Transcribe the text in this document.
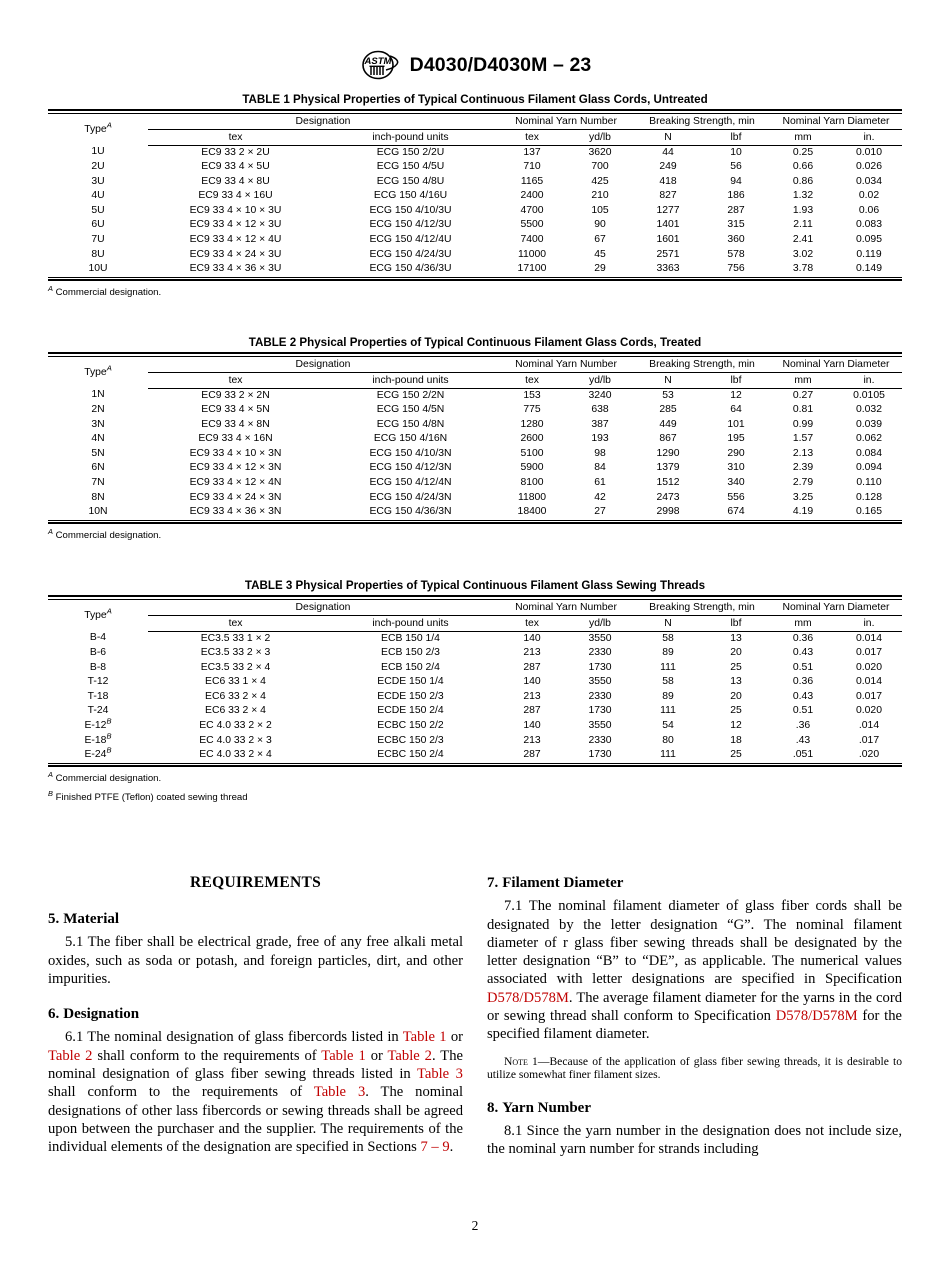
ASTM D4030/D4030M – 23
TABLE 1 Physical Properties of Typical Continuous Filament Glass Cords, Untreated

Type$^A$	Designation		Nominal Yarn Number		Breaking Strength, min		Nominal Yarn Diameter	
	tex	inch-pound units	tex	yd/lb	N	lbf	mm	in.
1U	EC9 33 2 × 2U	ECG 150 2/2U	137	3620	44	10	0.25	0.010
2U	EC9 33 4 × 5U	ECG 150 4/5U	710	700	249	56	0.66	0.026
3U	EC9 33 4 × 8U	ECG 150 4/8U	1165	425	418	94	0.86	0.034
4U	EC9 33 4 × 16U	ECG 150 4/16U	2400	210	827	186	1.32	0.02
5U	EC9 33 4 × 10 × 3U	ECG 150 4/10/3U	4700	105	1277	287	1.93	0.06
6U	EC9 33 4 × 12 × 3U	ECG 150 4/12/3U	5500	90	1401	315	2.11	0.083
7U	EC9 33 4 × 12 × 4U	ECG 150 4/12/4U	7400	67	1601	360	2.41	0.095
8U	EC9 33 4 × 24 × 3U	ECG 150 4/24/3U	11000	45	2571	578	3.02	0.119
10U	EC9 33 4 × 36 × 3U	ECG 150 4/36/3U	17100	29	3363	756	3.78	0.149

$^A$ Commercial designation.
TABLE 2 Physical Properties of Typical Continuous Filament Glass Cords, Treated

Type$^A$	Designation		Nominal Yarn Number		Breaking Strength, min		Nominal Yarn Diameter	
	tex	inch-pound units	tex	yd/lb	N	lbf	mm	in.
1N	EC9 33 2 × 2N	ECG 150 2/2N	153	3240	53	12	0.27	0.0105
2N	EC9 33 4 × 5N	ECG 150 4/5N	775	638	285	64	0.81	0.032
3N	EC9 33 4 × 8N	ECG 150 4/8N	1280	387	449	101	0.99	0.039
4N	EC9 33 4 × 16N	ECG 150 4/16N	2600	193	867	195	1.57	0.062
5N	EC9 33 4 × 10 × 3N	ECG 150 4/10/3N	5100	98	1290	290	2.13	0.084
6N	EC9 33 4 × 12 × 3N	ECG 150 4/12/3N	5900	84	1379	310	2.39	0.094
7N	EC9 33 4 × 12 × 4N	ECG 150 4/12/4N	8100	61	1512	340	2.79	0.110
8N	EC9 33 4 × 24 × 3N	ECG 150 4/24/3N	11800	42	2473	556	3.25	0.128
10N	EC9 33 4 × 36 × 3N	ECG 150 4/36/3N	18400	27	2998	674	4.19	0.165

$^A$ Commercial designation.
TABLE 3 Physical Properties of Typical Continuous Filament Glass Sewing Threads

Type$^A$	Designation		Nominal Yarn Number		Breaking Strength, min		Nominal Yarn Diameter	
	tex	inch-pound units	tex	yd/lb	N	lbf	mm	in.
B-4	EC3.5 33 1 × 2	ECB 150 1/4	140	3550	58	13	0.36	0.014
B-6	EC3.5 33 2 × 3	ECB 150 2/3	213	2330	89	20	0.43	0.017
B-8	EC3.5 33 2 × 4	ECB 150 2/4	287	1730	111	25	0.51	0.020
T-12	EC6 33 1 × 4	ECDE 150 1/4	140	3550	58	13	0.36	0.014
T-18	EC6 33 2 × 4	ECDE 150 2/3	213	2330	89	20	0.43	0.017
T-24	EC6 33 2 × 4	ECDE 150 2/4	287	1730	111	25	0.51	0.020
E-12$^B$	EC 4.0 33 2 × 2	ECBC 150 2/2	140	3550	54	12	.36	.014
E-18$^B$	EC 4.0 33 2 × 3	ECBC 150 2/3	213	2330	80	18	.43	.017
E-24$^B$	EC 4.0 33 2 × 4	ECBC 150 2/4	287	1730	111	25	.051	.020

$^A$ Commercial designation.
$^B$ Finished PTFE (Teflon) coated sewing thread
REQUIREMENTS
5. Material

5.1 The fiber shall be electrical grade, free of any free alkali metal oxides, such as soda or potash, and foreign particles, dirt, and other impurities.

6. Designation

6.1 The nominal designation of glass fibercords listed in Table 1 or Table 2 shall conform to the requirements of Table 1 or Table 2. The nominal designation of glass fiber sewing threads listed in Table 3 shall conform to the requirements of Table 3. The nominal designations of other lass fibercords or sewing threads shall be agreed upon between the purchaser and the supplier. The requirements of the individual elements of the designation are specified in Sections 7 – 9.

7. Filament Diameter

7.1 The nominal filament diameter of glass fiber cords shall be designated by the letter designation “G”. The nominal filament diameter of r glass fiber sewing threads shall be designated by the letter designation “B” to “DE”, as applicable. The numerical values associated with letter designations are specified in Specification D578/D578M. The average filament diameter for the yarns in the cord or sewing thread shall conform to Specification D578/D578M for the specified filament diameter.

Note 1—Because of the application of glass fiber sewing threads, it is desirable to utilize somewhat finer filament sizes.

8. Yarn Number

8.1 Since the yarn number in the designation does not include size, the nominal yarn number for strands including

2
